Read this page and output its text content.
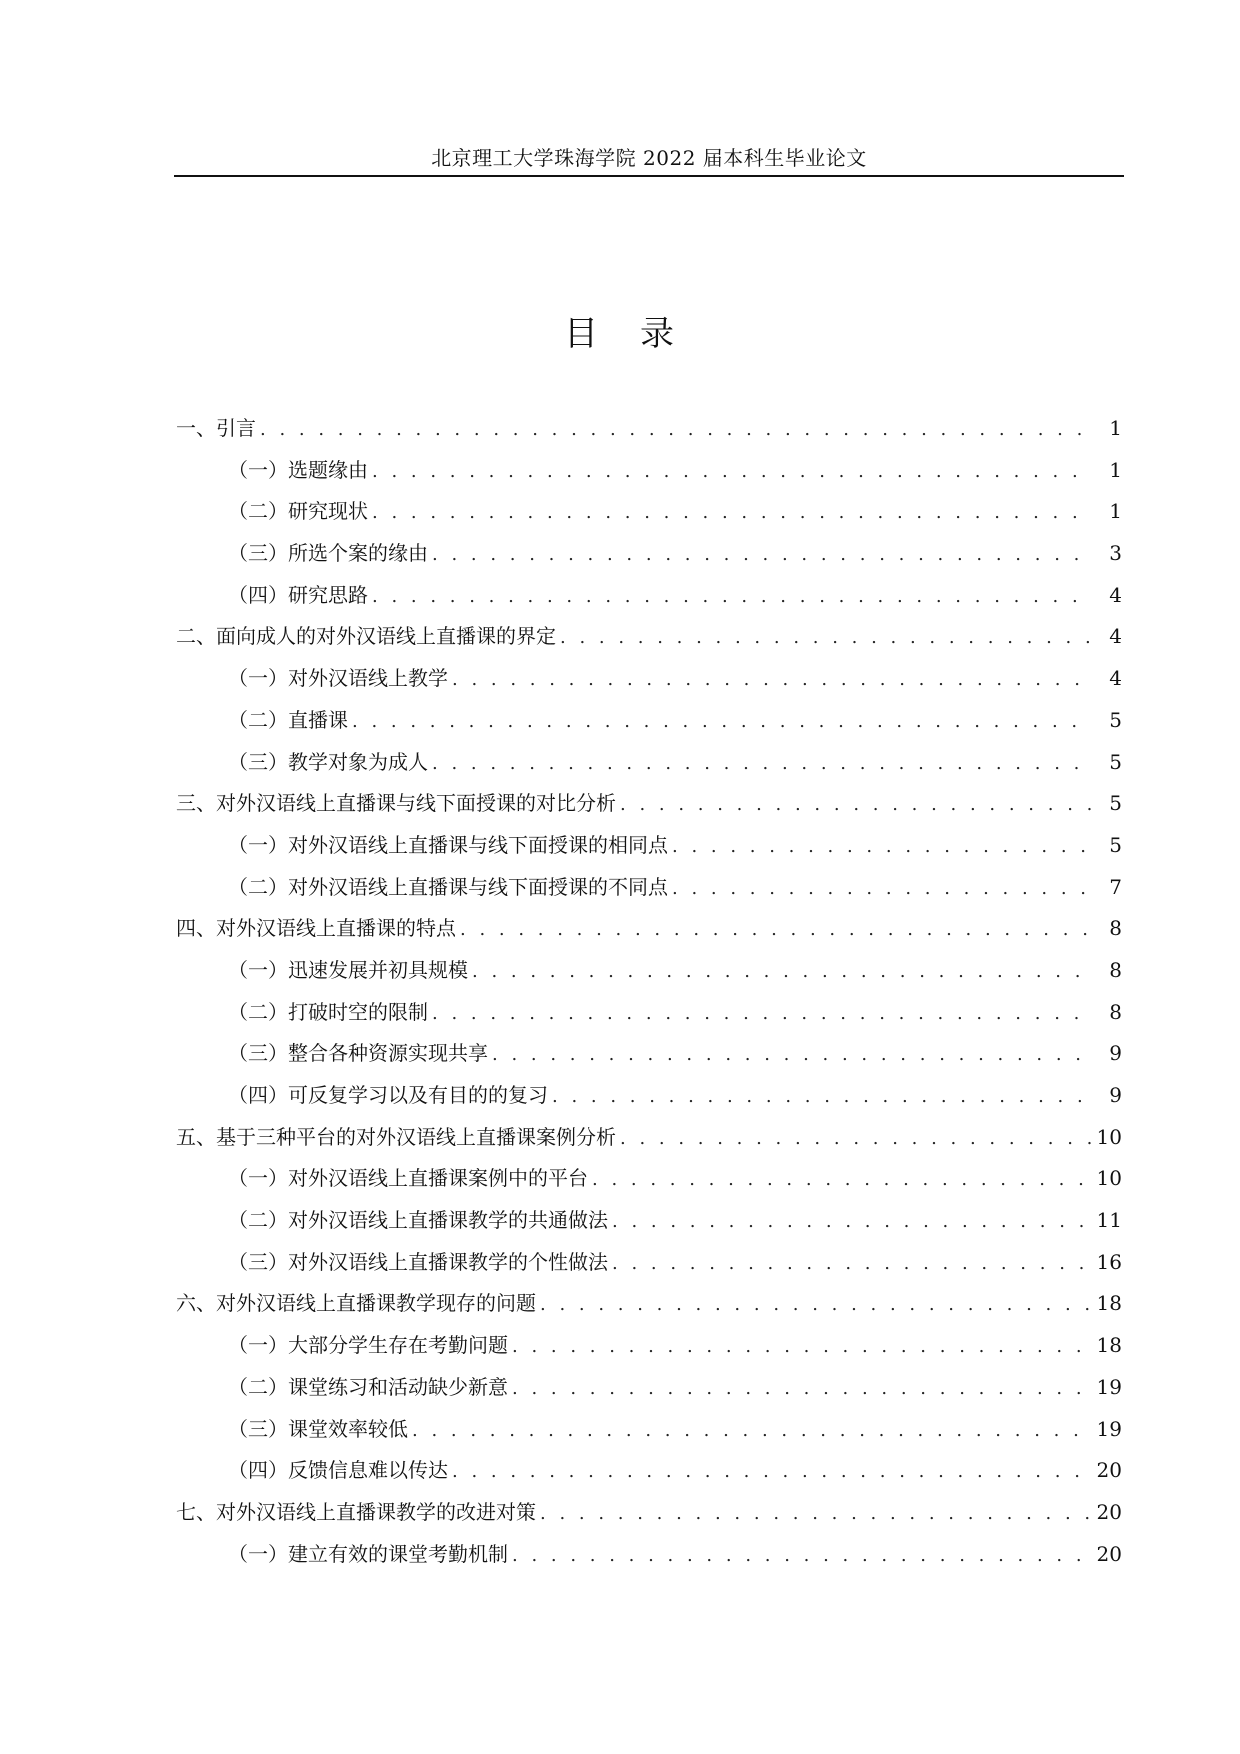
北京理工大学珠海学院 2022 届本科生毕业论文
目 录
一、引言 . . .	1
（一）选题缘由 . . .	1
（二）研究现状 . . .	1
（三）所选个案的缘由 . . .	3
（四）研究思路 . . .	4
二、面向成人的对外汉语线上直播课的界定 . . .	4
（一）对外汉语线上教学 . . .	4
（二）直播课 . . .	5
（三）教学对象为成人 . . .	5
三、对外汉语线上直播课与线下面授课的对比分析 . . .	5
（一）对外汉语线上直播课与线下面授课的相同点 . . .	5
（二）对外汉语线上直播课与线下面授课的不同点 . . .	7
四、对外汉语线上直播课的特点 . . .	8
（一）迅速发展并初具规模 . . .	8
（二）打破时空的限制 . . .	8
（三）整合各种资源实现共享 . . .	9
（四）可反复学习以及有目的的复习 . . .	9
五、基于三种平台的对外汉语线上直播课案例分析 . . .	10
（一）对外汉语线上直播课案例中的平台 . . .	10
（二）对外汉语线上直播课教学的共通做法 . . .	11
（三）对外汉语线上直播课教学的个性做法 . . .	16
六、对外汉语线上直播课教学现存的问题 . . .	18
（一）大部分学生存在考勤问题 . . .	18
（二）课堂练习和活动缺少新意 . . .	19
（三）课堂效率较低 . . .	19
（四）反馈信息难以传达 . . .	20
七、对外汉语线上直播课教学的改进对策 . . .	20
（一）建立有效的课堂考勤机制 . . .	20
